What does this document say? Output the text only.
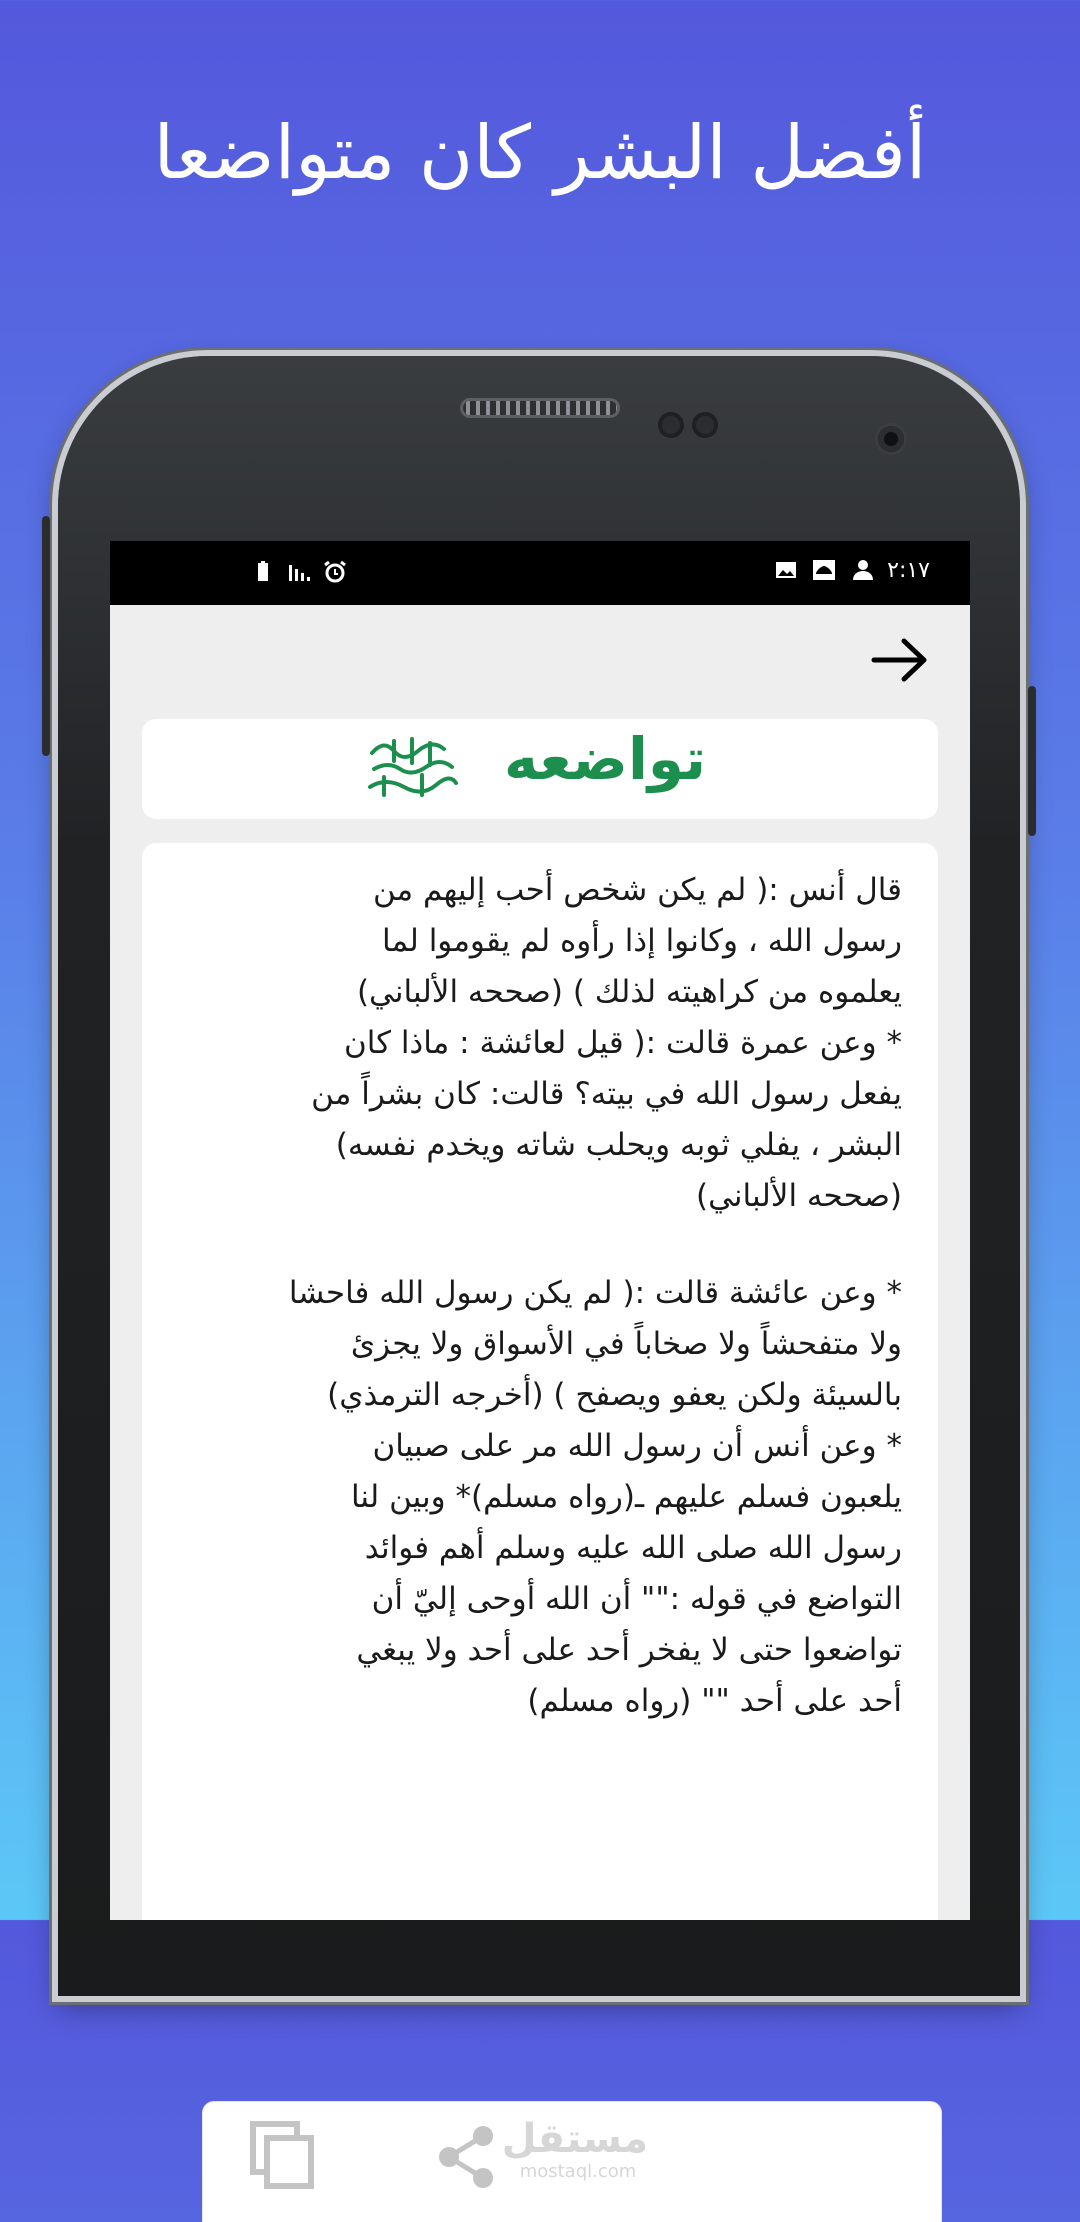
أفضل البشر كان متواضعا
٢:١٧
تواضعه

قال أنس :( لم يكن شخص أحب إليهم من
رسول الله ، وكانوا إذا رأوه لم يقوموا لما
يعلموه من كراهيته لذلك ) (صححه الألباني)
* وعن عمرة قالت :( قيل لعائشة : ماذا كان
يفعل رسول الله في بيته؟ قالت: كان بشراً من
البشر ، يفلي ثوبه ويحلب شاته ويخدم نفسه)
(صححه الألباني)

* وعن عائشة قالت :( لم يكن رسول الله فاحشا
ولا متفحشاً ولا صخاباً في الأسواق ولا يجزئ
بالسيئة ولكن يعفو ويصفح ) (أخرجه الترمذي)
* وعن أنس أن رسول الله مر على صبيان
يلعبون فسلم عليهم ـ(رواه مسلم)* وبين لنا
رسول الله صلى الله عليه وسلم أهم فوائد
التواضع في قوله :"" أن الله أوحى إليّ أن
تواضعوا حتى لا يفخر أحد على أحد ولا يبغي
أحد على أحد "" (رواه مسلم)

مستقل
mostaql.com
